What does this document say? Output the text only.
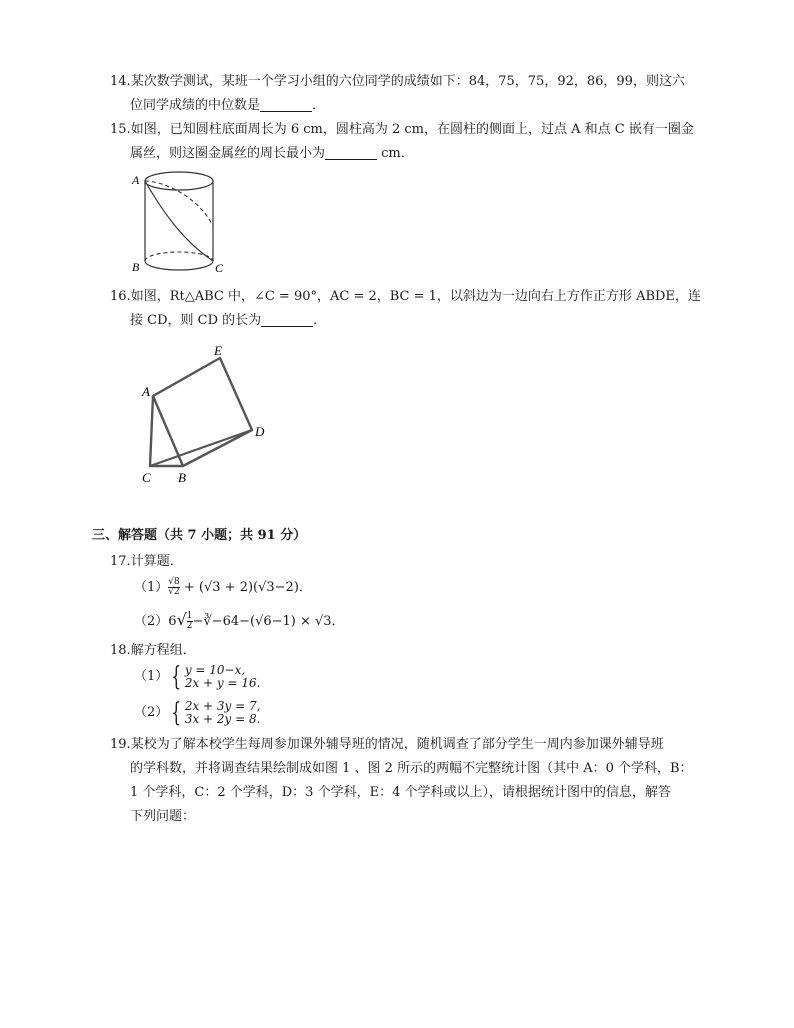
14.某次数学测试，某班一个学习小组的六位同学的成绩如下：84，75，75，92，86，99，则这六
位同学成绩的中位数是	．
15.如图，已知圆柱底面周长为 6 cm，圆柱高为 2 cm，在圆柱的侧面上，过点 A 和点 C 嵌有一圈金
属丝，则这圈金属丝的周长最小为	cm．
A
B	C
16.如图，Rt△ABC 中，∠C = 90°，AC = 2，BC = 1，以斜边为一边向右上方作正方形 ABDE，连
接 CD，则 CD 的长为	．
A
E
D
C B
三、解答题（共 7 小题；共 91 分）
17.计算题．
$(1) \frac{√8}{√2} + (√3 + 2)(√3-2)$．
$(2)6√ \frac{1}{2}$ −∛−64−(√6−1) × √3．
18.解方程组．
（1） { y = 10−x,
2x + y = 16.
（2） { 2x + 3y = 7,
3x + 2y = 8.
19.某校为了解本校学生每周参加课外辅导班的情况，随机调查了部分学生一周内参加课外辅导班
的学科数，并将调查结果绘制成如图 1 、图 2 所示的两幅不完整统计图（其中 A：0 个学科，B：
1 个学科，C：2 个学科，D：3 个学科，E：4 个学科或以上），请根据统计图中的信息，解答
下列问题：
